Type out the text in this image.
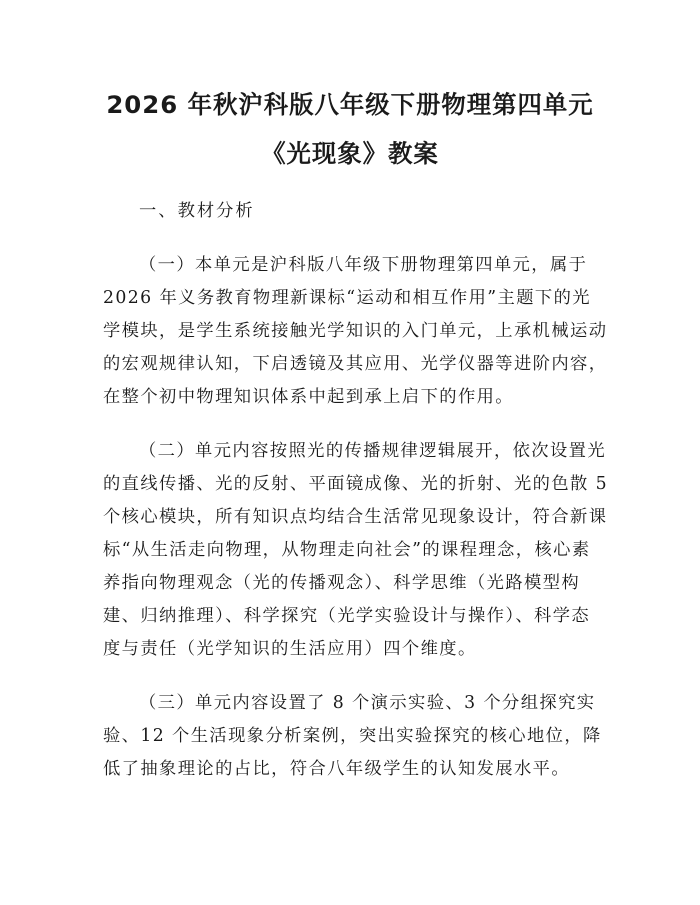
2026 年秋沪科版八年级下册物理第四单元
《光现象》教案
一、教材分析
（一）本单元是沪科版八年级下册物理第四单元，属于
2026 年义务教育物理新课标“运动和相互作用”主题下的光
学模块，是学生系统接触光学知识的入门单元，上承机械运动
的宏观规律认知，下启透镜及其应用、光学仪器等进阶内容，
在整个初中物理知识体系中起到承上启下的作用。
（二）单元内容按照光的传播规律逻辑展开，依次设置光
的直线传播、光的反射、平面镜成像、光的折射、光的色散 5
个核心模块，所有知识点均结合生活常见现象设计，符合新课
标“从生活走向物理，从物理走向社会”的课程理念，核心素
养指向物理观念（光的传播观念）、科学思维（光路模型构
建、归纳推理）、科学探究（光学实验设计与操作）、科学态
度与责任（光学知识的生活应用）四个维度。
（三）单元内容设置了 8 个演示实验、3 个分组探究实
验、12 个生活现象分析案例，突出实验探究的核心地位，降
低了抽象理论的占比，符合八年级学生的认知发展水平。
